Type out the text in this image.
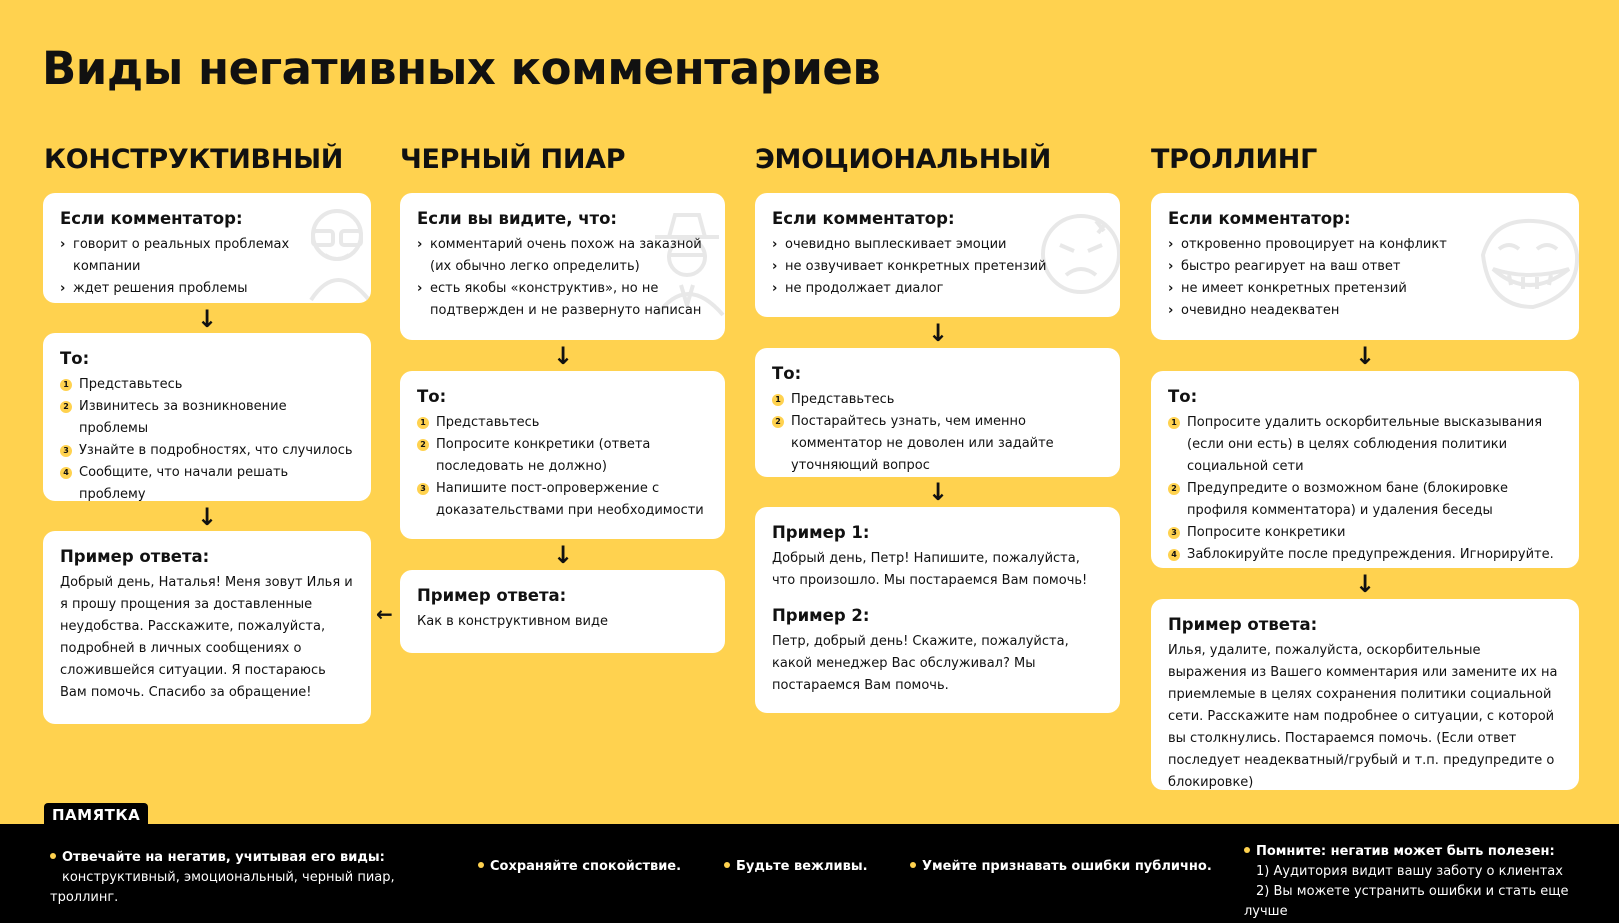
Виды негативных комментариев
КОНСТРУКТИВНЫЙ
Если комментатор:
› говорит о реальных проблемах компании
› ждет решения проблемы
↓
То:
1 Представьтесь
2 Извинитесь за возникновение проблемы
3 Узнайте в подробностях, что случилось
4 Сообщите, что начали решать проблему
↓
Пример ответа:

Добрый день, Наталья! Меня зовут Илья и я прошу прощения за доставленные неудобства. Расскажите, пожалуйста, подробней в личных сообщениях о сложившейся ситуации. Я постараюсь Вам помочь. Спасибо за обращение!

←
ЧЕРНЫЙ ПИАР
Если вы видите, что:
› комментарий очень похож на заказной (их обычно легко определить)
› есть якобы «конструктив», но не подтвержден и не развернуто написан
↓
То:
1 Представьтесь
2 Попросите конкретики (ответа последовать не должно)
3 Напишите пост-опровержение с доказательствами при необходимости
↓
Пример ответа:

Как в конструктивном виде

ЭМОЦИОНАЛЬНЫЙ
Если комментатор:
› очевидно выплескивает эмоции
› не озвучивает конкретных претензий
› не продолжает диалог
↓
То:
1 Представьтесь
2 Постарайтесь узнать, чем именно комментатор не доволен или задайте уточняющий вопрос
↓
Пример 1:

Добрый день, Петр! Напишите, пожалуйста, что произошло. Мы постараемся Вам помочь!

Пример 2:

Петр, добрый день! Скажите, пожалуйста, какой менеджер Вас обслуживал? Мы постараемся Вам помочь.

ТРОЛЛИНГ
Если комментатор:
› откровенно провоцирует на конфликт
› быстро реагирует на ваш ответ
› не имеет конкретных претензий
› очевидно неадекватен
↓
То:
1 Попросите удалить оскорбительные высказывания (если они есть) в целях соблюдения политики социальной сети
2 Предупредите о возможном бане (блокировке профиля комментатора) и удаления беседы
3 Попросите конкретики
4 Заблокируйте после предупреждения. Игнорируйте.
↓
Пример ответа:

Илья, удалите, пожалуйста, оскорбительные выражения из Вашего комментария или замените их на приемлемые в целях сохранения политики социальной сети. Расскажите нам подробнее о ситуации, с которой вы столкнулись. Постараемся помочь. (Если ответ последует неадекватный/грубый и т.п. предупредите о блокировке)

ПАМЯТКА
Отвечайте на негатив, учитывая его виды:
конструктивный, эмоциональный, черный пиар, троллинг.
Сохраняйте спокойствие.	Будьте вежливы.	Умейте признавать ошибки публично.
Помните: негатив может быть полезен:
1) Аудитория видит вашу заботу о клиентах
2) Вы можете устранить ошибки и стать еще лучше
